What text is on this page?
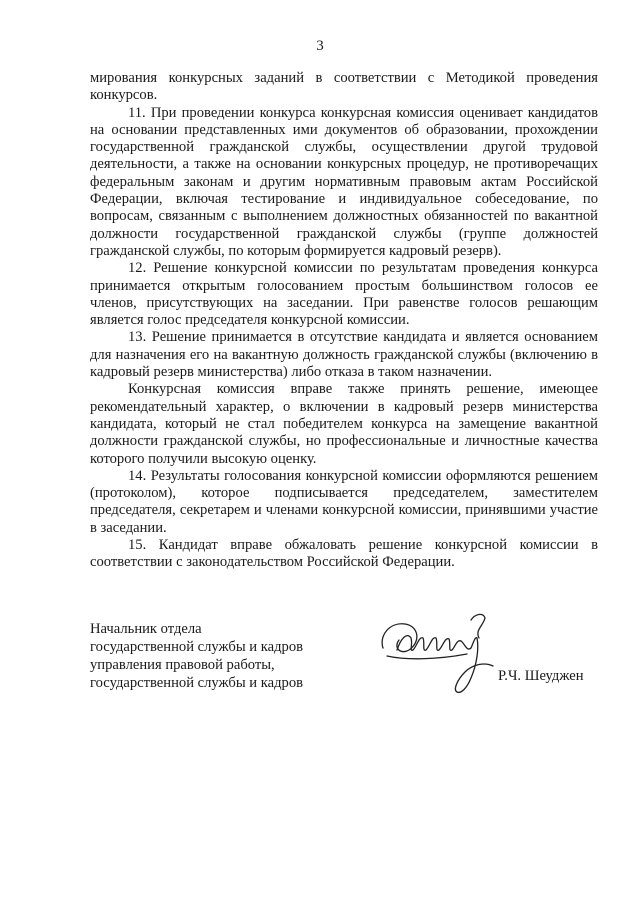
3

мирования конкурсных заданий в соответствии с Методикой проведения конкурсов.

11. При проведении конкурса конкурсная комиссия оценивает кандидатов на основании представленных ими документов об образовании, прохождении государственной гражданской службы, осуществлении другой трудовой деятельности, а также на основании конкурсных процедур, не противоречащих федеральным законам и другим нормативным правовым актам Российской Федерации, включая тестирование и индивидуальное собеседование, по вопросам, связанным с выполнением должностных обязанностей по вакантной должности государственной гражданской службы (группе должностей гражданской службы, по которым формируется кадровый резерв).

12. Решение конкурсной комиссии по результатам проведения конкурса принимается открытым голосованием простым большинством голосов ее членов, присутствующих на заседании. При равенстве голосов решающим является голос председателя конкурсной комиссии.

13. Решение принимается в отсутствие кандидата и является основанием для назначения его на вакантную должность гражданской службы (включению в кадровый резерв министерства) либо отказа в таком назначении.

Конкурсная комиссия вправе также принять решение, имеющее рекомендательный характер, о включении в кадровый резерв министерства кандидата, который не стал победителем конкурса на замещение вакантной должности гражданской службы, но профессиональные и личностные качества которого получили высокую оценку.

14. Результаты голосования конкурсной комиссии оформляются решением (протоколом), которое подписывается председателем, заместителем председателя, секретарем и членами конкурсной комиссии, принявшими участие в заседании.

15. Кандидат вправе обжаловать решение конкурсной комиссии в соответствии с законодательством Российской Федерации.

Начальник отдела
государственной службы и кадров
управления правовой работы,
государственной службы и кадров	Р.Ч. Шеуджен
